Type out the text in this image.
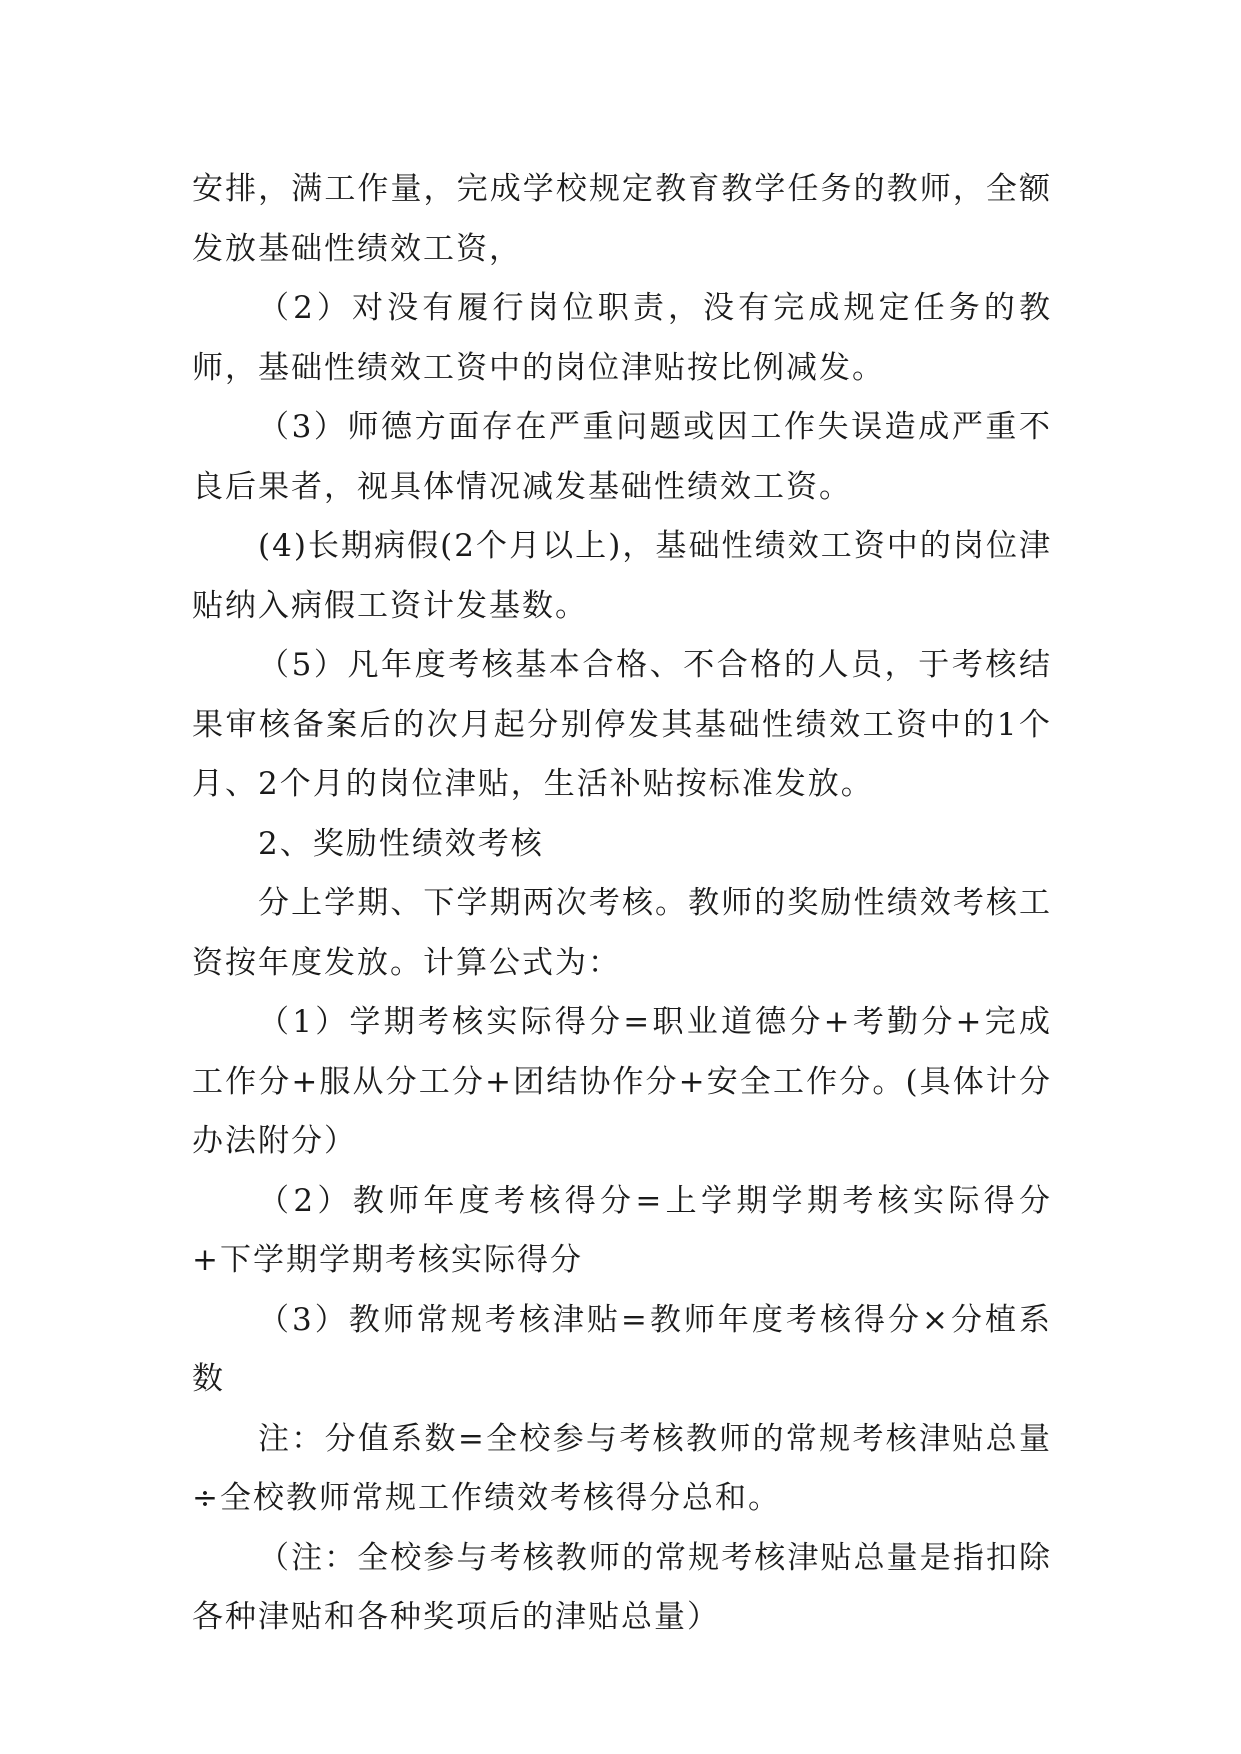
安排，满工作量，完成学校规定教育教学任务的教师，全额发放基础性绩效工资，

（2）对没有履行岗位职责，没有完成规定任务的教师，基础性绩效工资中的岗位津贴按比例减发。

（3）师德方面存在严重问题或因工作失误造成严重不良后果者，视具体情况减发基础性绩效工资。

(4)长期病假(2个月以上)，基础性绩效工资中的岗位津贴纳入病假工资计发基数。

（5）凡年度考核基本合格、不合格的人员，于考核结果审核备案后的次月起分别停发其基础性绩效工资中的1个月、2个月的岗位津贴，生活补贴按标准发放。

2、奖励性绩效考核

分上学期、下学期两次考核。教师的奖励性绩效考核工资按年度发放。计算公式为：

（1）学期考核实际得分=职业道德分+考勤分+完成工作分+服从分工分+团结协作分+安全工作分。(具体计分办法附分）

（2）教师年度考核得分=上学期学期考核实际得分+下学期学期考核实际得分

（3）教师常规考核津贴=教师年度考核得分×分植系数

注：分值系数=全校参与考核教师的常规考核津贴总量÷全校教师常规工作绩效考核得分总和。

（注：全校参与考核教师的常规考核津贴总量是指扣除各种津贴和各种奖项后的津贴总量）
